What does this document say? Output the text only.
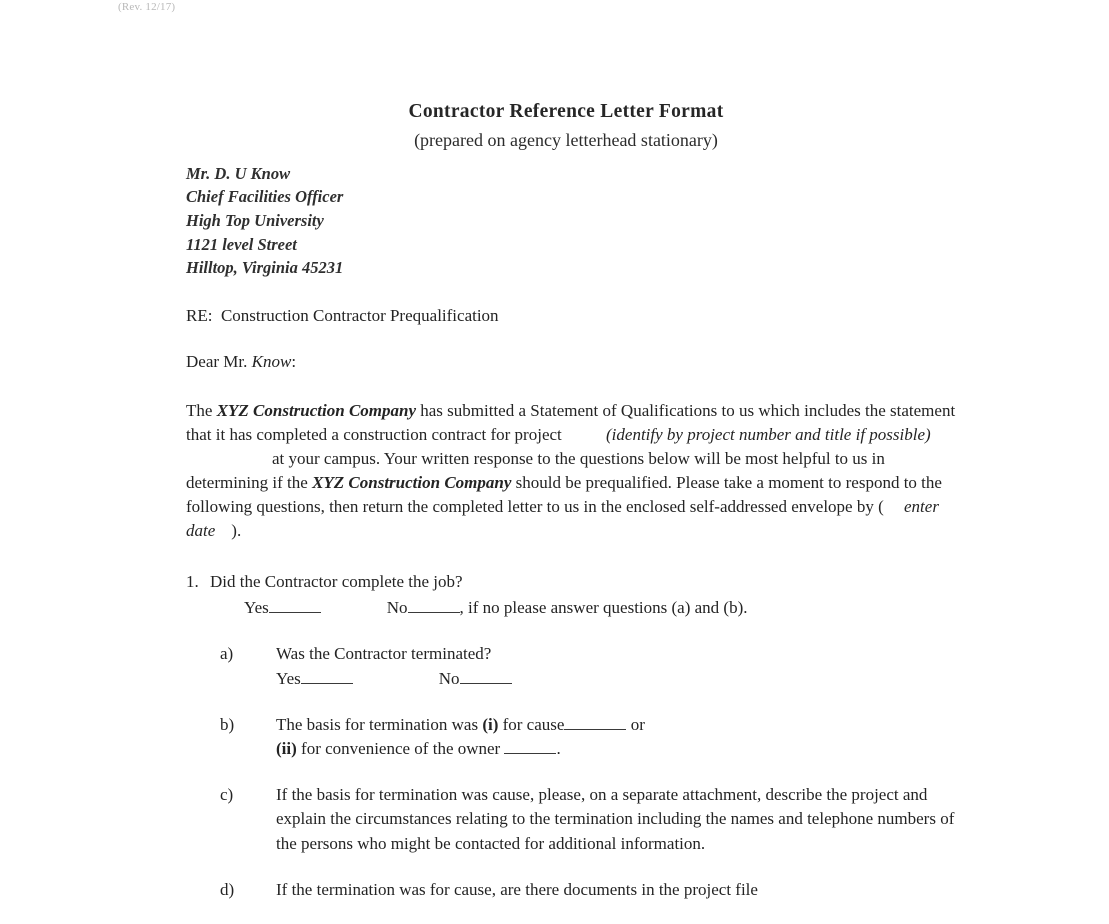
(Rev. 12/17)
Contractor Reference Letter Format
(prepared on agency letterhead stationary)
Mr. D. U Know
Chief Facilities Officer
High Top University
1121 level Street
Hilltop, Virginia 45231
RE: Construction Contractor Prequalification
Dear Mr. Know:
The XYZ Construction Company has submitted a Statement of Qualifications to us which includes the statement that it has completed a construction contract for project	(identify by project number and title if possible)at your campus. Your written response to the questions below will be most helpful to us in determining if the XYZ Construction Company should be prequalified. Please take a moment to respond to the following questions, then return the completed letter to us in the enclosed self-addressed envelope by ( enter date ).
1. Did the Contractor complete the job?
Yes	No	, if no please answer questions (a) and (b).
a)	Was the Contractor terminated?
Yes	No
b)	The basis for termination was (i) for cause	or
(ii) for convenience of the owner	.
c)	If the basis for termination was cause, please, on a separate attachment, describe the project and explain the circumstances relating to the termination including the names and telephone numbers of the persons who might be contacted for additional information.
d)	If the termination was for cause, are there documents in the project file
